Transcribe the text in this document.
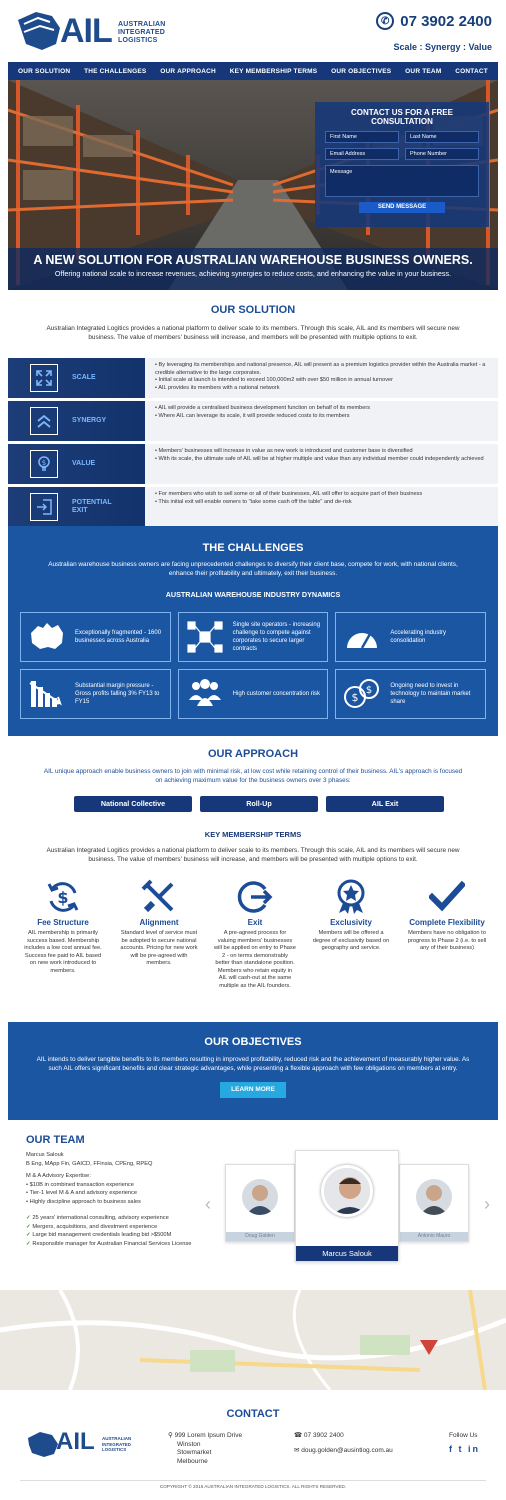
AIL AUSTRALIAN
INTEGRATED
LOGISTICS
✆ 07 3902 2400
Scale : Synergy : Value
OUR SOLUTION THE CHALLENGES OUR APPROACH KEY MEMBERSHIP TERMS OUR OBJECTIVES OUR TEAM CONTACT
CONTACT US FOR A FREE CONSULTATION
First Name	Last Name
Email Address	Phone Number
Message
SEND MESSAGE
A NEW SOLUTION FOR AUSTRALIAN WAREHOUSE BUSINESS OWNERS.
Offering national scale to increase revenues, achieving synergies to reduce costs, and enhancing the value in your business.
OUR SOLUTION
Australian Integrated Logitics provides a national platform to deliver scale to its members. Through this scale, AIL and its members will secure new business. The value of members' business will increase, and members will be presented with multiple options to exit.
SCALE
• By leveraging its memberships and national presence, AIL will present as a premium logistics provider within the Australia market - a credible alternative to the large corporates.
• Initial scale at launch is intended to exceed 100,000m2 with over $50 million in annual turnover
• AIL provides its members with a national network
SYNERGY
• AIL will provide a centralised business development function on behalf of its members
• Where AIL can leverage its scale, it will provide reduced costs to its members
$	VALUE
• Members' businesses will increase in value as new work is introduced and customer base is diversified
• With its scale, the ultimate safe of AIL will be at higher multiple and value than any individual member could independently achieved
POTENTIAL
EXIT
• For members who wish to sell some or all of their businesses, AIL will offer to acquire part of their business
• This initial exit will enable owners to "take some cash off the table" and de-risk
THE CHALLENGES
Australian warehouse business owners are facing unprecedented challenges to diversify their client base, compete for work, with national clients, enhance their profitability and ultimately, exit their business.
AUSTRALIAN WAREHOUSE INDUSTRY DYNAMICS
Exceptionally fragmented - 1600 businesses across Australia
Single site operators - increasing challenge to compete against corporates to secure larger contracts
Accelerating industry consolidation
Substantial margin pressure - Gross profits falling 3% FY13 to FY15
High customer concentration risk	$
$	Ongoing need to invest in technology to maintain market share
OUR APPROACH
AIL unique approach enable business owners to join with minimal risk, at low cost while retaining control of their business. AIL's approach is focused on achieving maximum value for the business owners over 3 phases:
National Collective	Roll-Up	AIL Exit
KEY MEMBERSHIP TERMS
Australian Integrated Logitics provides a national platform to deliver scale to its members. Through this scale, AIL and its members will secure new business. The value of members' business will increase, and members will be presented with multiple options to exit.
$
Fee Structure
AIL membership is primarily success based. Membership includes a low cost annual fee. Success fee paid to AIL based on new work introduced to members.
Alignment
Standard level of service must be adopted to secure national accounts. Pricing for new work will be pre-agreed with members.
Exit
A pre-agreed process for valuing members' businesses will be applied on entry to Phase 2 - on terms demonstrably better than standalone position. Members who retain equity in AIL will cash-out at the same multiple as the AIL founders.
Exclusivity
Members will be offered a degree of exclusivity based on geography and service.
Complete Flexibility
Members have no obligation to progress to Phase 2 (i.e. to sell any of their business)
OUR OBJECTIVES
AIL intends to deliver tangible benefits to its members resulting in improved profitability, reduced risk and the achievement of measurably higher value. As such AIL offers significant benefits and clear strategic advantages, while presenting a flexible approach with few obligations on members at entry.
LEARN MORE
OUR TEAM

Marcus Salouk

B Eng, MApp Fin, GAICD, FFinsia, CPEng, RPEQ

M & A Advisory Expertise:

• $10B in combined transaction experience

• Tier-1 level M & A and advisory experience

• Highly discipline approach to business sales

✓ 25 years' international consulting, advisory experience

✓ Mergers, acquisitions, and divestment experience

✓ Large bid management credentials leading bid >$500M

✓ Responsible manager for Australian Financial Services License

‹	›
Doug Golden
Marcus Salouk
Antonio Mauro
CONTACT
AIL AUSTRALIAN
INTEGRATED
LOGISTICS
⚲ 999 Lorem Ipsum Drive
Winston
Stowmarket
Melbourne
☎ 07 3902 2400
✉ doug.golden@ausintlog.com.au
Follow Us
f t in
COPYRIGHT © 2015 AUSTRALIAN INTEGRATED LOGISTICS. ALL RIGHTS RESERVED.
